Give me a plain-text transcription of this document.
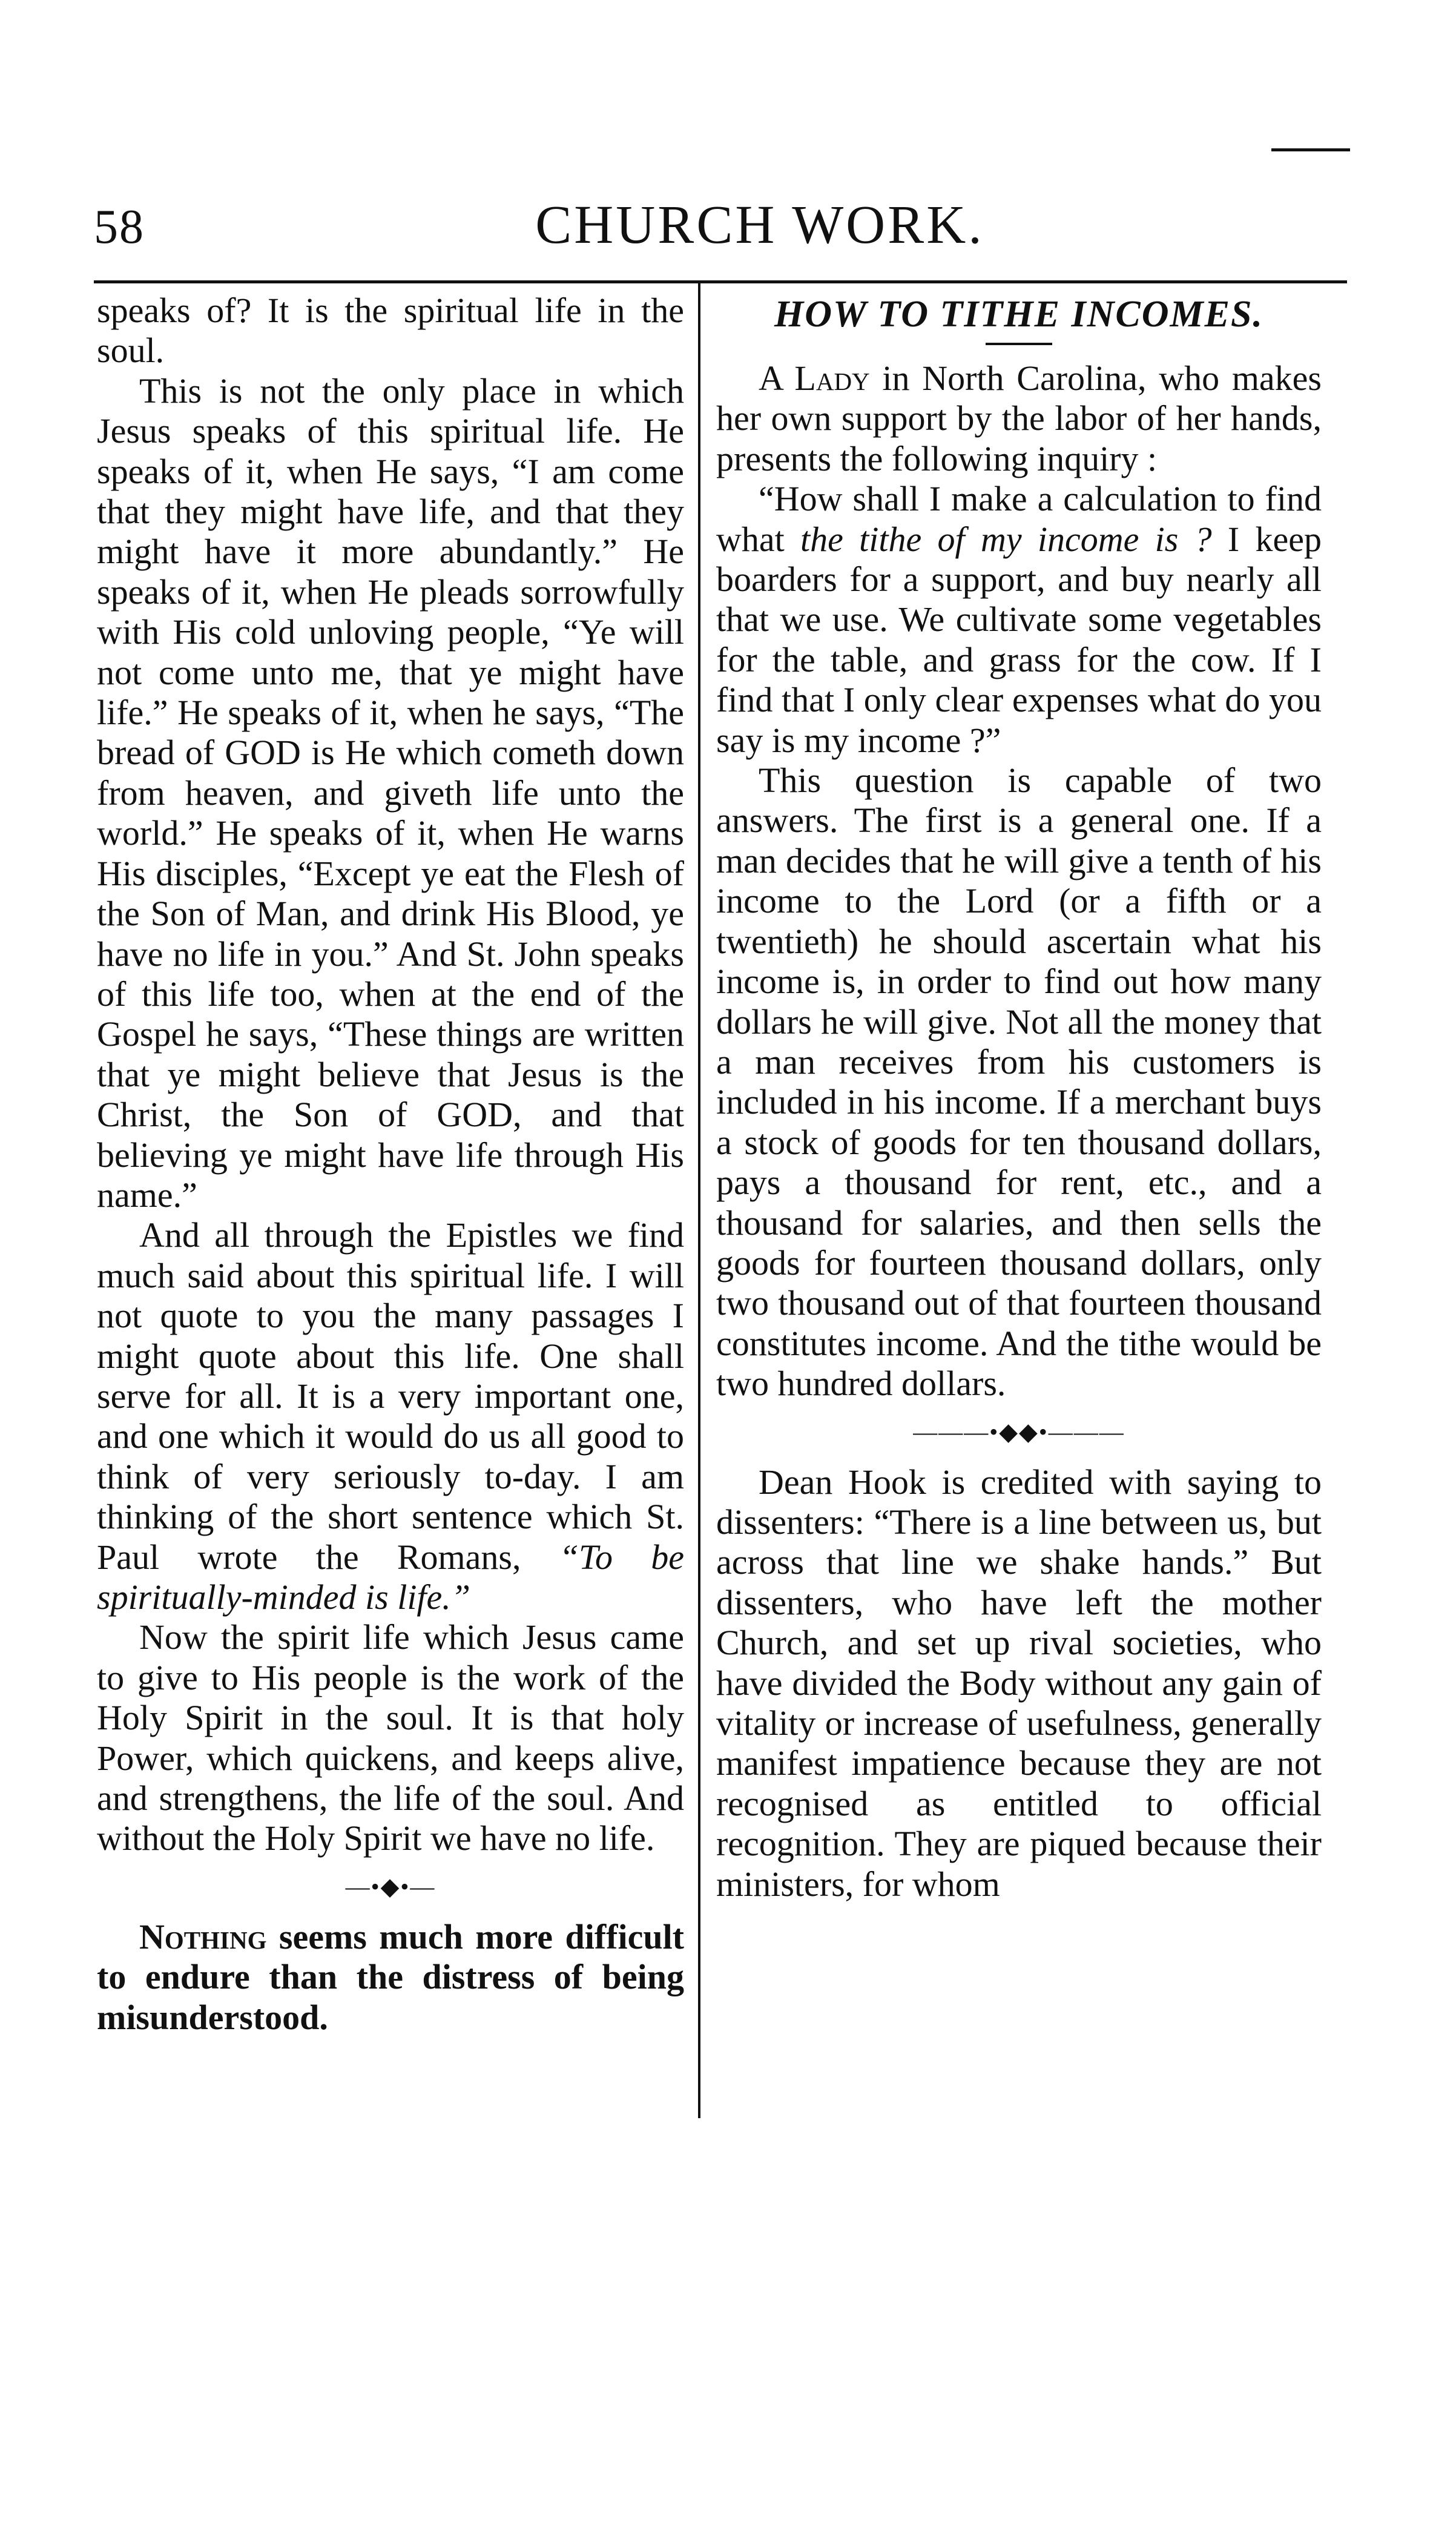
58	CHURCH WORK.

speaks of? It is the spiritual life in the soul.

This is not the only place in which Jesus speaks of this spiritual life. He speaks of it, when He says, “I am come that they might have life, and that they might have it more abundantly.” He speaks of it, when He pleads sorrowfully with His cold unloving people, “Ye will not come unto me, that ye might have life.” He speaks of it, when he says, “The bread of GOD is He which cometh down from heaven, and giveth life unto the world.” He speaks of it, when He warns His disciples, “Except ye eat the Flesh of the Son of Man, and drink His Blood, ye have no life in you.” And St. John speaks of this life too, when at the end of the Gospel he says, “These things are written that ye might believe that Jesus is the Christ, the Son of GOD, and that believing ye might have life through His name.”

And all through the Epistles we find much said about this spiritual life. I will not quote to you the many passages I might quote about this life. One shall serve for all. It is a very important one, and one which it would do us all good to think of very seriously to-day. I am thinking of the short sentence which St. Paul wrote the Romans, “To be spiritually-minded is life.”

Now the spirit life which Jesus came to give to His people is the work of the Holy Spirit in the soul. It is that holy Power, which quickens, and keeps alive, and strengthens, the life of the soul. And without the Holy Spirit we have no life.

—•◆•—

Nothing seems much more difficult to endure than the distress of being misunderstood.

HOW TO TITHE INCOMES.

A Lady in North Carolina, who makes her own support by the labor of her hands, presents the following inquiry :

“How shall I make a calculation to find what the tithe of my income is ? I keep boarders for a support, and buy nearly all that we use. We cultivate some vegetables for the table, and grass for the cow. If I find that I only clear expenses what do you say is my income ?”

This question is capable of two answers. The first is a general one. If a man decides that he will give a tenth of his income to the Lord (or a fifth or a twentieth) he should ascertain what his income is, in order to find out how many dollars he will give. Not all the money that a man receives from his customers is included in his income. If a merchant buys a stock of goods for ten thousand dollars, pays a thousand for rent, etc., and a thousand for salaries, and then sells the goods for fourteen thousand dollars, only two thousand out of that fourteen thousand constitutes income. And the tithe would be two hundred dollars.

———•◆◆•———

Dean Hook is credited with saying to dissenters: “There is a line between us, but across that line we shake hands.” But dissenters, who have left the mother Church, and set up rival societies, who have divided the Body without any gain of vitality or increase of usefulness, generally manifest impatience because they are not recognised as entitled to official recognition. They are piqued because their ministers, for whom
